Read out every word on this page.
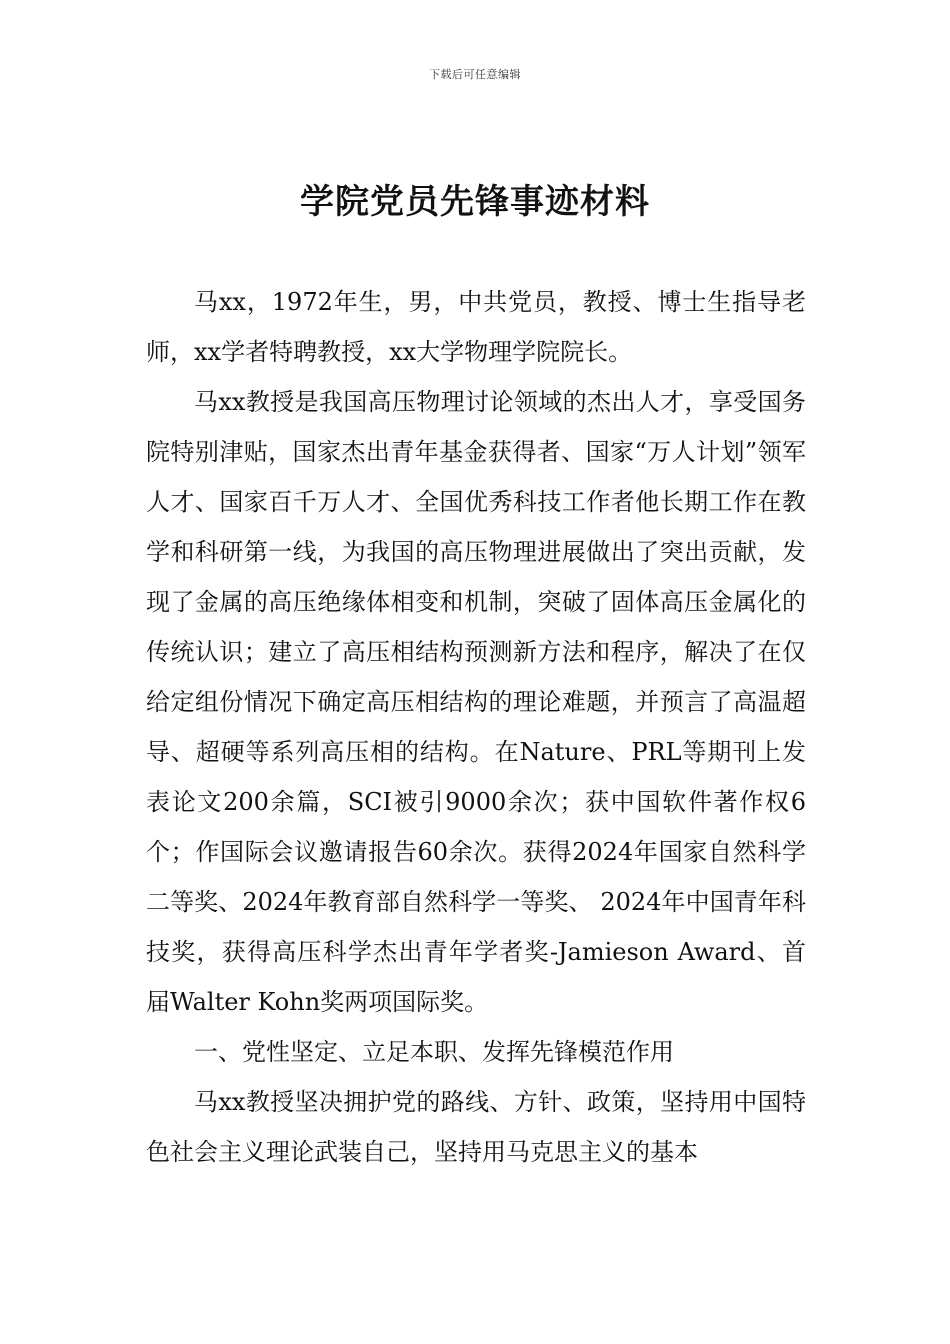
下载后可任意编辑
学院党员先锋事迹材料

马xx，1972年生，男，中共党员，教授、博士生指导老师，xx学者特聘教授，xx大学物理学院院长。

马xx教授是我国高压物理讨论领域的杰出人才，享受国务院特别津贴，国家杰出青年基金获得者、国家“万人计划”领军人才、国家百千万人才、全国优秀科技工作者他长期工作在教学和科研第一线，为我国的高压物理进展做出了突出贡献，发现了金属的高压绝缘体相变和机制，突破了固体高压金属化的传统认识；建立了高压相结构预测新方法和程序，解决了在仅给定组份情况下确定高压相结构的理论难题，并预言了高温超导、超硬等系列高压相的结构。在Nature、PRL等期刊上发表论文200余篇，SCI被引9000余次；获中国软件著作权6个；作国际会议邀请报告60余次。获得2024年国家自然科学二等奖、2024年教育部自然科学一等奖、 2024年中国青年科技奖，获得高压科学杰出青年学者奖-Jamieson Award、首届Walter Kohn奖两项国际奖。

一、党性坚定、立足本职、发挥先锋模范作用

马xx教授坚决拥护党的路线、方针、政策，坚持用中国特色社会主义理论武装自己，坚持用马克思主义的基本
